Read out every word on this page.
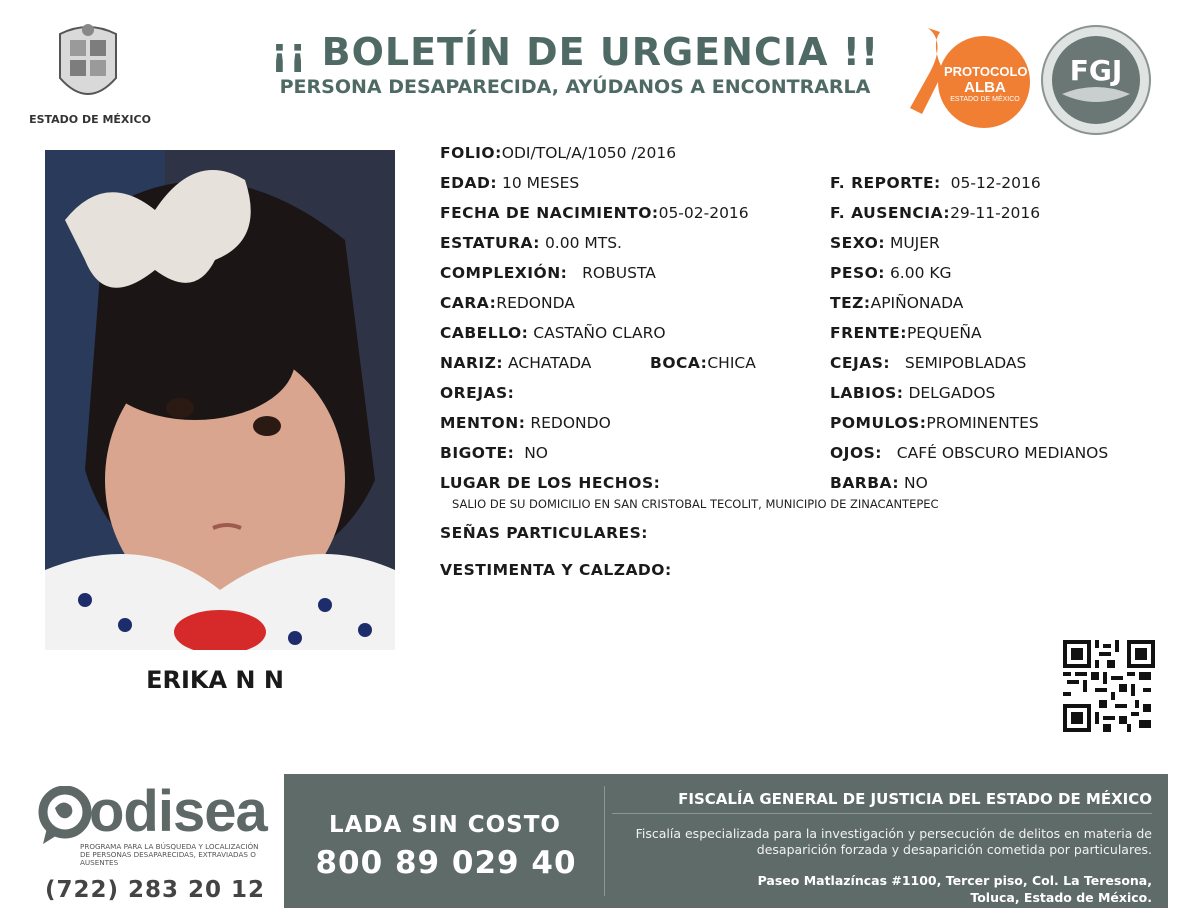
ESTADO DE MÉXICO
¡¡ BOLETÍN DE URGENCIA !!
PERSONA DESAPARECIDA, AYÚDANOS A ENCONTRARLA
PROTOCOLO
ALBA
ESTADO DE MÉXICO
FGJ
ERIKA N N
FOLIO:ODI/TOL/A/1050 /2016
EDAD: 10 MESES
FECHA DE NACIMIENTO:05-02-2016
ESTATURA: 0.00 MTS.
COMPLEXIÓN: ROBUSTA
CARA:REDONDA
CABELLO: CASTAÑO CLARO
NARIZ: ACHATADA	BOCA:CHICA
OREJAS:
MENTON: REDONDO
BIGOTE: NO
LUGAR DE LOS HECHOS:
SALIO DE SU DOMICILIO EN SAN CRISTOBAL TECOLIT, MUNICIPIO DE ZINACANTEPEC
SEÑAS PARTICULARES:
VESTIMENTA Y CALZADO:
F. REPORTE: 05-12-2016
F. AUSENCIA:29-11-2016
SEXO: MUJER
PESO: 6.00 KG
TEZ:APIÑONADA
FRENTE:PEQUEÑA
CEJAS: SEMIPOBLADAS
LABIOS: DELGADOS
POMULOS:PROMINENTES
OJOS: CAFÉ OBSCURO MEDIANOS
BARBA: NO
odisea
PROGRAMA PARA LA BÚSQUEDA Y LOCALIZACIÓN DE PERSONAS DESAPARECIDAS, EXTRAVIADAS O AUSENTES
(722) 283 20 12
LADA SIN COSTO
800 89 029 40
FISCALÍA GENERAL DE JUSTICIA DEL ESTADO DE MÉXICO
Fiscalía especializada para la investigación y persecución de delitos en materia de desaparición forzada y desaparición cometida por particulares.
Paseo Matlazíncas #1100, Tercer piso, Col. La Teresona,
Toluca, Estado de México.
